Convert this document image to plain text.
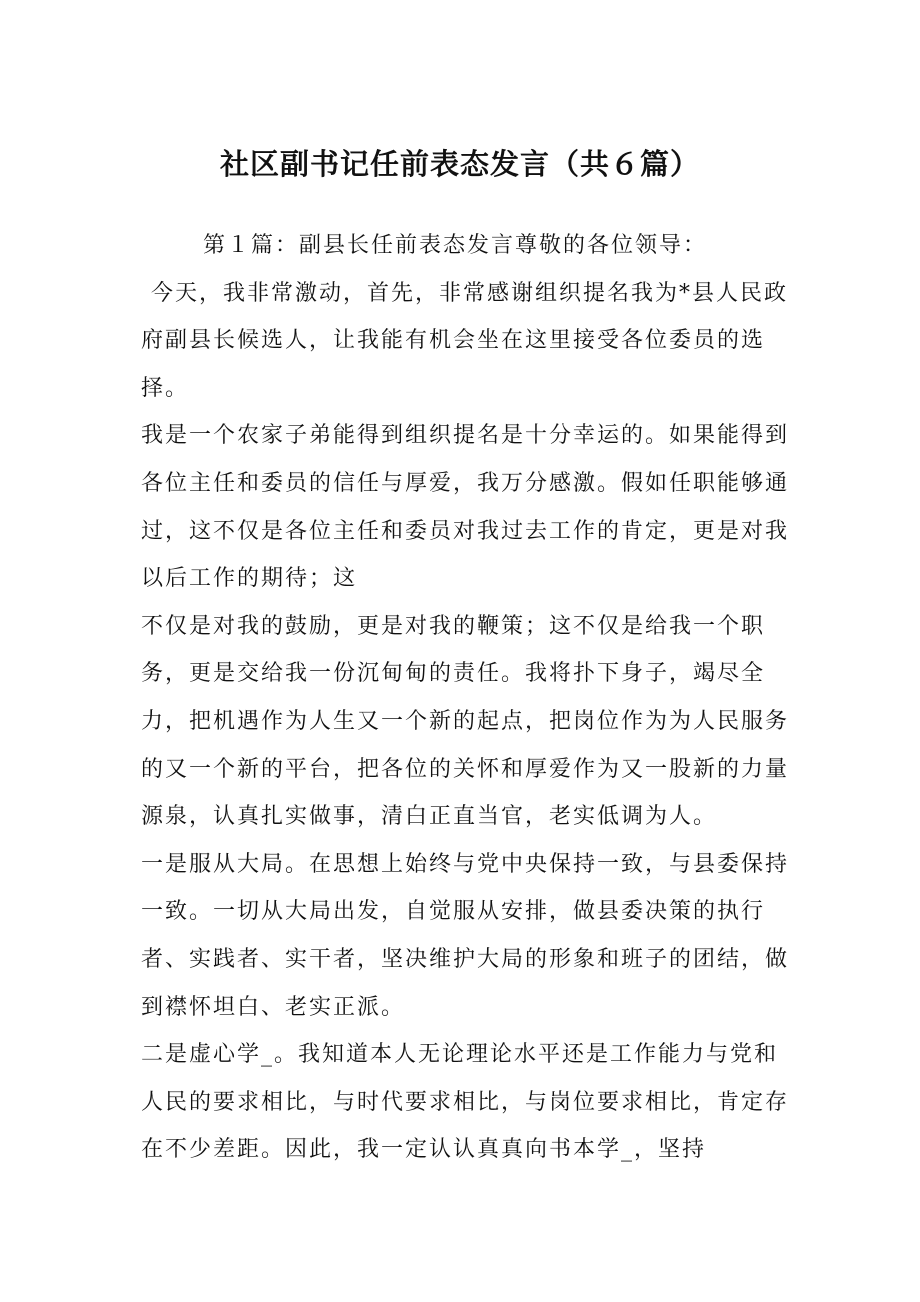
社区副书记任前表态发言（共６篇）

第１篇：副县长任前表态发言尊敬的各位领导：

今天，我非常激动，首先，非常感谢组织提名我为*县人民政府副县长候选人，让我能有机会坐在这里接受各位委员的选择。

我是一个农家子弟能得到组织提名是十分幸运的。如果能得到各位主任和委员的信任与厚爱，我万分感激。假如任职能够通过，这不仅是各位主任和委员对我过去工作的肯定，更是对我以后工作的期待；这

不仅是对我的鼓励，更是对我的鞭策；这不仅是给我一个职务，更是交给我一份沉甸甸的责任。我将扑下身子，竭尽全力，把机遇作为人生又一个新的起点，把岗位作为为人民服务的又一个新的平台，把各位的关怀和厚爱作为又一股新的力量源泉，认真扎实做事，清白正直当官，老实低调为人。

一是服从大局。在思想上始终与党中央保持一致，与县委保持一致。一切从大局出发，自觉服从安排，做县委决策的执行者、实践者、实干者，坚决维护大局的形象和班子的团结，做到襟怀坦白、老实正派。

二是虚心学_。我知道本人无论理论水平还是工作能力与党和人民的要求相比，与时代要求相比，与岗位要求相比，肯定存在不少差距。因此，我一定认认真真向书本学_，坚持
